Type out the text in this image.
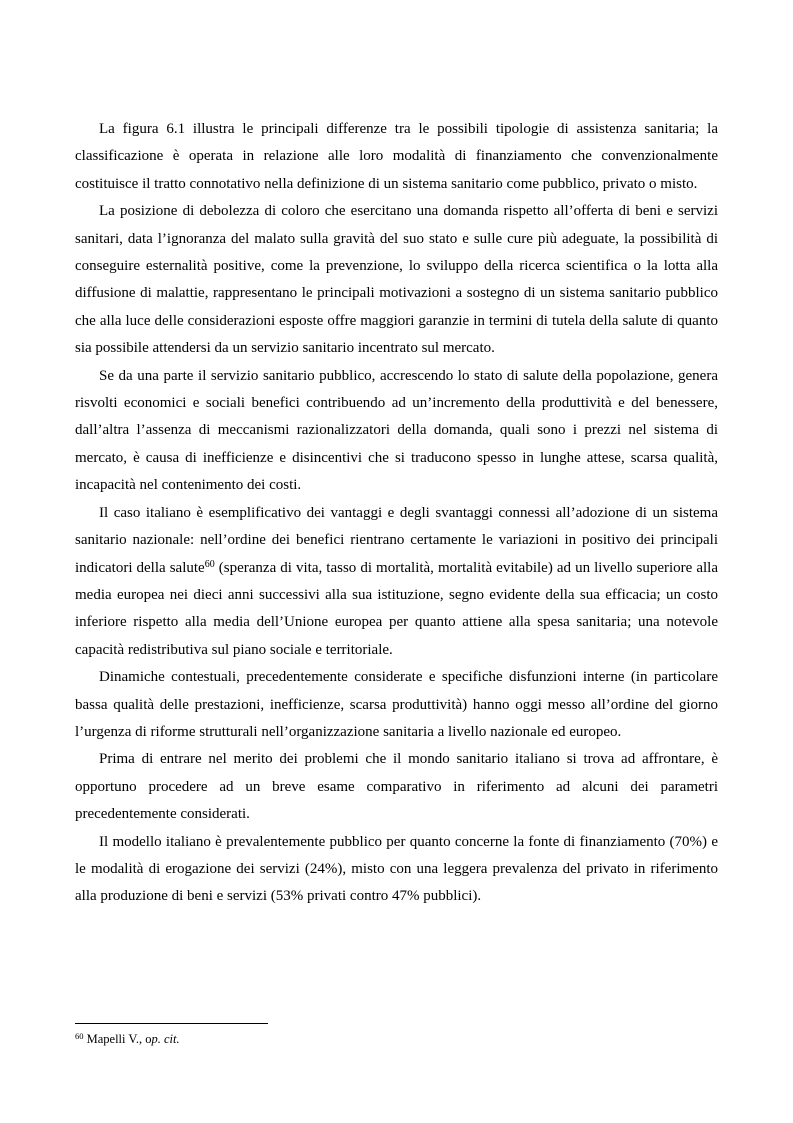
La figura 6.1 illustra le principali differenze tra le possibili tipologie di assistenza sanitaria; la classificazione è operata in relazione alle loro modalità di finanziamento che convenzionalmente costituisce il tratto connotativo nella definizione di un sistema sanitario come pubblico, privato o misto.

La posizione di debolezza di coloro che esercitano una domanda rispetto all’offerta di beni e servizi sanitari, data l’ignoranza del malato sulla gravità del suo stato e sulle cure più adeguate, la possibilità di conseguire esternalità positive, come la prevenzione, lo sviluppo della ricerca scientifica o la lotta alla diffusione di malattie, rappresentano le principali motivazioni a sostegno di un sistema sanitario pubblico che alla luce delle considerazioni esposte offre maggiori garanzie in termini di tutela della salute di quanto sia possibile attendersi da un servizio sanitario incentrato sul mercato.

Se da una parte il servizio sanitario pubblico, accrescendo lo stato di salute della popolazione, genera risvolti economici e sociali benefici contribuendo ad un’incremento della produttività e del benessere, dall’altra l’assenza di meccanismi razionalizzatori della domanda, quali sono i prezzi nel sistema di mercato, è causa di inefficienze e disincentivi che si traducono spesso in lunghe attese, scarsa qualità, incapacità nel contenimento dei costi.

Il caso italiano è esemplificativo dei vantaggi e degli svantaggi connessi all’adozione di un sistema sanitario nazionale: nell’ordine dei benefici rientrano certamente le variazioni in positivo dei principali indicatori della salute$^{60}$ (speranza di vita, tasso di mortalità, mortalità evitabile) ad un livello superiore alla media europea nei dieci anni successivi alla sua istituzione, segno evidente della sua efficacia; un costo inferiore rispetto alla media dell’Unione europea per quanto attiene alla spesa sanitaria; una notevole capacità redistributiva sul piano sociale e territoriale.

Dinamiche contestuali, precedentemente considerate e specifiche disfunzioni interne (in particolare bassa qualità delle prestazioni, inefficienze, scarsa produttività) hanno oggi messo all’ordine del giorno l’urgenza di riforme strutturali nell’organizzazione sanitaria a livello nazionale ed europeo.

Prima di entrare nel merito dei problemi che il mondo sanitario italiano si trova ad affrontare, è opportuno procedere ad un breve esame comparativo in riferimento ad alcuni dei parametri precedentemente considerati.

Il modello italiano è prevalentemente pubblico per quanto concerne la fonte di finanziamento (70%) e le modalità di erogazione dei servizi (24%), misto con una leggera prevalenza del privato in riferimento alla produzione di beni e servizi (53% privati contro 47% pubblici).

$^{60}$ Mapelli V., op. cit.
